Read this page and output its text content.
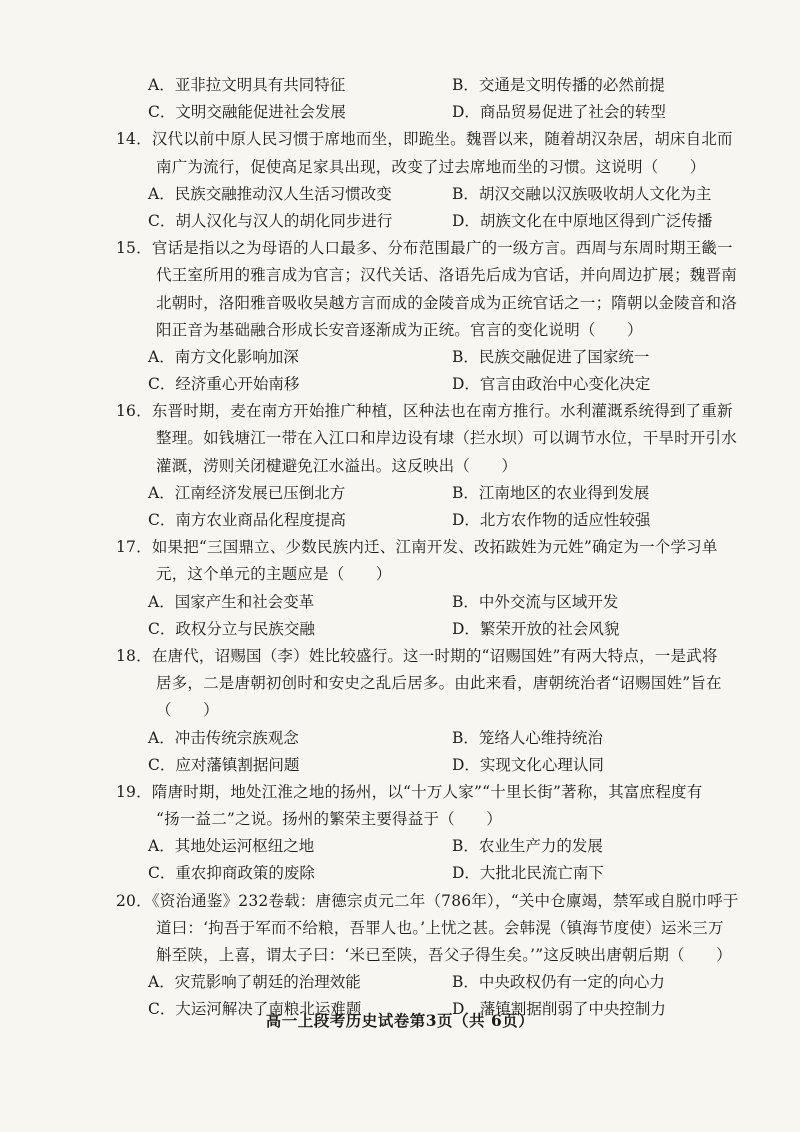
A．亚非拉文明具有共同特征	B．交通是文明传播的必然前提
C．文明交融能促进社会发展	D．商品贸易促进了社会的转型
14．汉代以前中原人民习惯于席地而坐，即跪坐。魏晋以来，随着胡汉杂居，胡床自北而
南广为流行，促使高足家具出现，改变了过去席地而坐的习惯。这说明（　　）
A．民族交融推动汉人生活习惯改变	B．胡汉交融以汉族吸收胡人文化为主
C．胡人汉化与汉人的胡化同步进行	D．胡族文化在中原地区得到广泛传播
15．官话是指以之为母语的人口最多、分布范围最广的一级方言。西周与东周时期王畿一
代王室所用的雅言成为官言；汉代关话、洛语先后成为官话，并向周边扩展；魏晋南
北朝时，洛阳雅音吸收吴越方言而成的金陵音成为正统官话之一；隋朝以金陵音和洛
阳正音为基础融合形成长安音逐渐成为正统。官言的变化说明（　　）
A．南方文化影响加深	B．民族交融促进了国家统一
C．经济重心开始南移	D．官言由政治中心变化决定
16．东晋时期，麦在南方开始推广种植，区种法也在南方推行。水利灌溉系统得到了重新
整理。如钱塘江一带在入江口和岸边设有埭（拦水坝）可以调节水位，干旱时开引水
灌溉，涝则关闭楗避免江水溢出。这反映出（　　）
A．江南经济发展已压倒北方	B．江南地区的农业得到发展
C．南方农业商品化程度提高	D．北方农作物的适应性较强
17．如果把“三国鼎立、少数民族内迁、江南开发、改拓跋姓为元姓”确定为一个学习单
元，这个单元的主题应是（　　）
A．国家产生和社会变革	B．中外交流与区域开发
C．政权分立与民族交融	D．繁荣开放的社会风貌
18．在唐代，诏赐国（李）姓比较盛行。这一时期的“诏赐国姓”有两大特点，一是武将
居多，二是唐朝初创时和安史之乱后居多。由此来看，唐朝统治者“诏赐国姓”旨在
（　　）
A．冲击传统宗族观念	B．笼络人心维持统治
C．应对藩镇割据问题	D．实现文化心理认同
19．隋唐时期，地处江淮之地的扬州，以“十万人家”“十里长街”著称，其富庶程度有
“扬一益二”之说。扬州的繁荣主要得益于（　　）
A．其地处运河枢纽之地	B．农业生产力的发展
C．重农抑商政策的废除	D．大批北民流亡南下
20．《资治通鉴》232卷载：唐德宗贞元二年（786年），“关中仓廪竭，禁军或自脱巾呼于
道曰：‘拘吾于军而不给粮，吾罪人也。’上忧之甚。会韩滉（镇海节度使）运米三万
斛至陕，上喜，谓太子曰：‘米已至陕，吾父子得生矣。’”这反映出唐朝后期（　　）
A．灾荒影响了朝廷的治理效能	B．中央政权仍有一定的向心力
C．大运河解决了南粮北运难题	D．藩镇割据削弱了中央控制力
高一上段考历史试卷第3页（共 6页）
